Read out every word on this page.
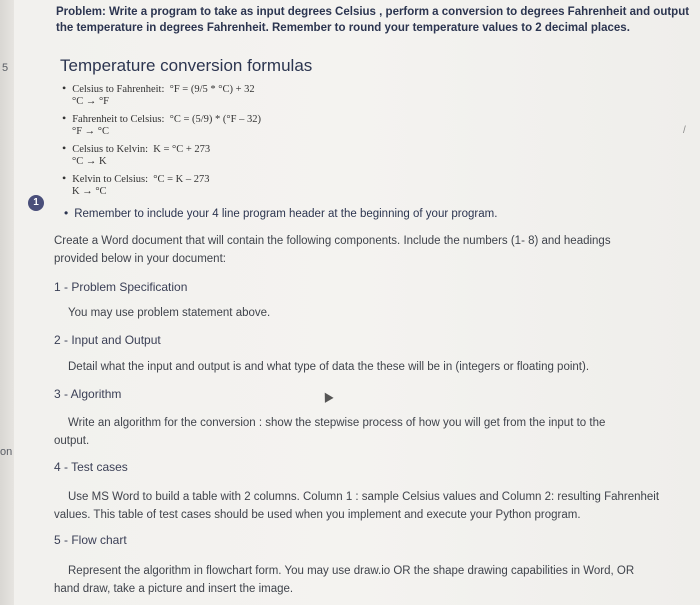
5
on
Problem: Write a program to take as input degrees Celsius , perform a conversion to degrees Fahrenheit and output
the temperature in degrees Fahrenheit. Remember to round your temperature values to 2 decimal places.
Temperature conversion formulas
• Celsius to Fahrenheit: °F = (9/5 * °C) + 32
°C → °F
• Fahrenheit to Celsius: °C = (5/9) * (°F – 32)
°F → °C
• Celsius to Kelvin: K = °C + 273
°C → K
• Kelvin to Celsius: °C = K – 273
K → °C
1
• Remember to include your 4 line program header at the beginning of your program.
Create a Word document that will contain the following components. Include the numbers (1- 8) and headings
provided below in your document:
1 - Problem Specification
You may use problem statement above.
2 - Input and Output
Detail what the input and output is and what type of data the these will be in (integers or floating point).
3 - Algorithm
Write an algorithm for the conversion : show the stepwise process of how you will get from the input to the
output.
4 - Test cases
Use MS Word to build a table with 2 columns. Column 1 : sample Celsius values and Column 2: resulting Fahrenheit
values. This table of test cases should be used when you implement and execute your Python program.
5 - Flow chart
Represent the algorithm in flowchart form. You may use draw.io OR the shape drawing capabilities in Word, OR
hand draw, take a picture and insert the image.
/
